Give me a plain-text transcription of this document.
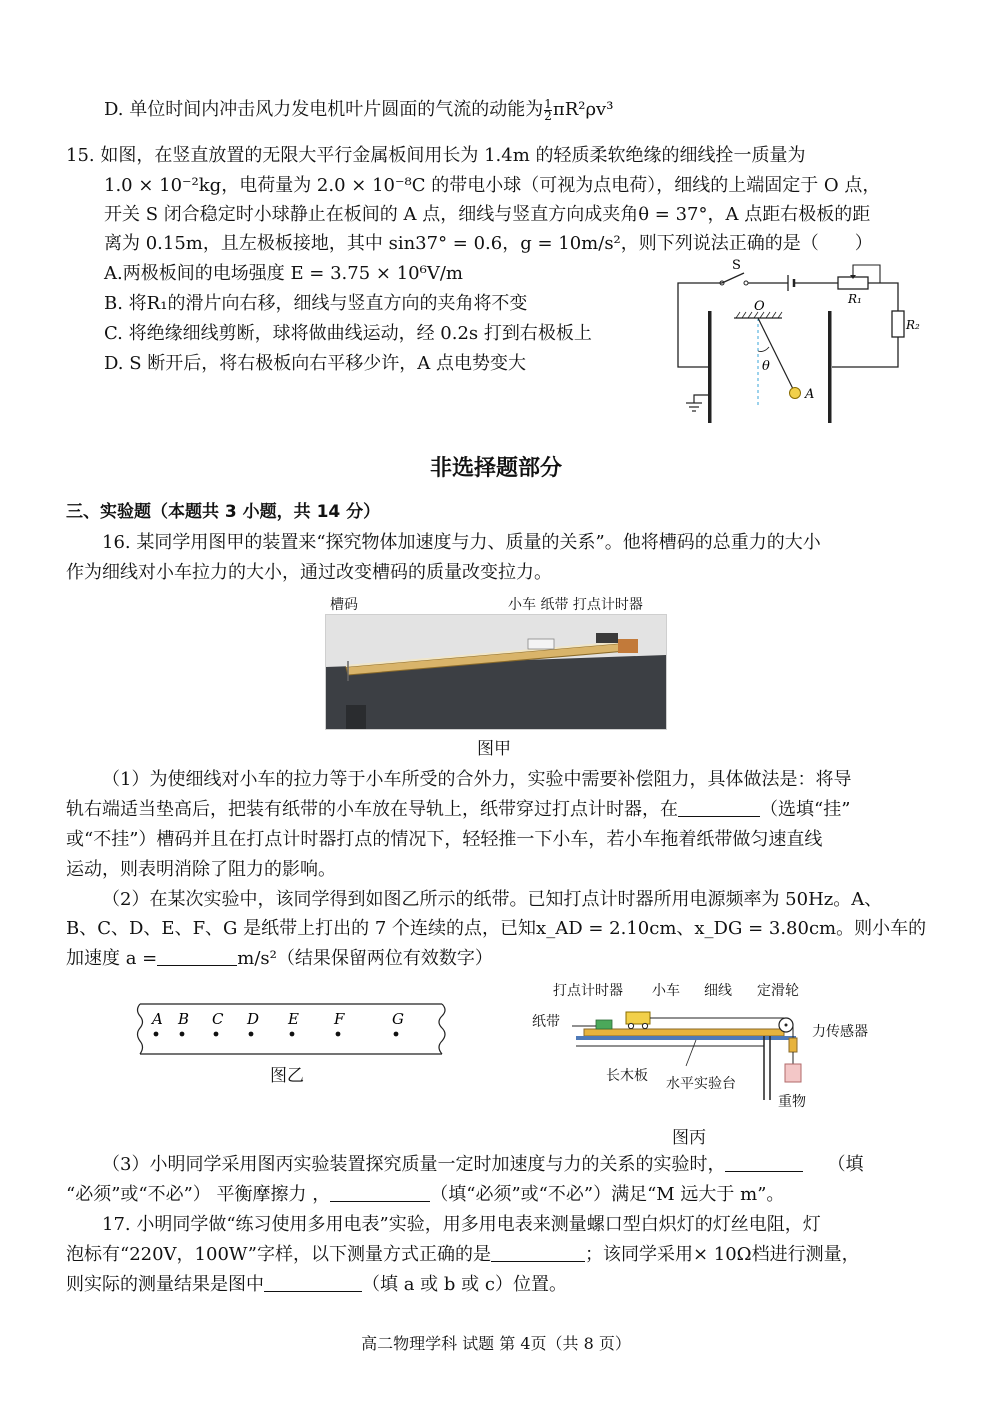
D. 单位时间内冲击风力发电机叶片圆面的气流的动能为 $\frac{1}{2} \pi R^2\rho v^3$
15. 如图，在竖直放置的无限大平行金属板间用长为 1.4m 的轻质柔软绝缘的细线拴一质量为
1.0 × 10⁻²kg，电荷量为 2.0 × 10⁻⁸C 的带电小球（可视为点电荷），细线的上端固定于 O 点，
开关 S 闭合稳定时小球静止在板间的 A 点，细线与竖直方向成夹角θ = 37°，A 点距右极板的距
离为 0.15m，且左极板接地，其中 sin37° = 0.6，g = 10m/s²，则下列说法正确的是（　　）
A.两极板间的电场强度 E = 3.75 × 10⁶V/m
B. 将R₁的滑片向右移，细线与竖直方向的夹角将不变
C. 将绝缘细线剪断，球将做曲线运动，经 0.2s 打到右极板上
D. S 断开后，将右极板向右平移少许，A 点电势变大
S
R₁
R₂
O
θ
A
非选择题部分
三、实验题（本题共 3 小题，共 14 分）
16. 某同学用图甲的装置来“探究物体加速度与力、质量的关系”。他将槽码的总重力的大小
作为细线对小车拉力的大小，通过改变槽码的质量改变拉力。
槽码	小车 纸带 打点计时器
图甲
（1）为使细线对小车的拉力等于小车所受的合外力，实验中需要补偿阻力，具体做法是：将导
轨右端适当垫高后，把装有纸带的小车放在导轨上，纸带穿过打点计时器，在	（选填“挂”
或“不挂”）槽码并且在打点计时器打点的情况下，轻轻推一下小车，若小车拖着纸带做匀速直线
运动，则表明消除了阻力的影响。
（2）在某次实验中，该同学得到如图乙所示的纸带。已知打点计时器所用电源频率为 50Hz。A、
B、C、D、E、F、G 是纸带上打出的 7 个连续的点，已知x_AD = 2.10cm、x_DG = 3.80cm。则小车的
加速度 a =	m/s²（结果保留两位有效数字）
A B C D E F	G
图乙
打点计时器 小车 细线 定滑轮
纸带
力传感器
长木板 水平实验台
重物
图丙
（3）小明同学采用图丙实验装置探究质量一定时加速度与力的关系的实验时，	（填
“必须”或“不必”） 平衡摩擦力 ，	（填“必须”或“不必”）满足“M 远大于 m”。
17. 小明同学做“练习使用多用电表”实验，用多用电表来测量螺口型白炽灯的灯丝电阻，灯
泡标有“220V，100W”字样，以下测量方式正确的是	；该同学采用× 10Ω档进行测量，
则实际的测量结果是图中	（填 a 或 b 或 c）位置。
高二物理学科 试题 第 4页（共 8 页）
